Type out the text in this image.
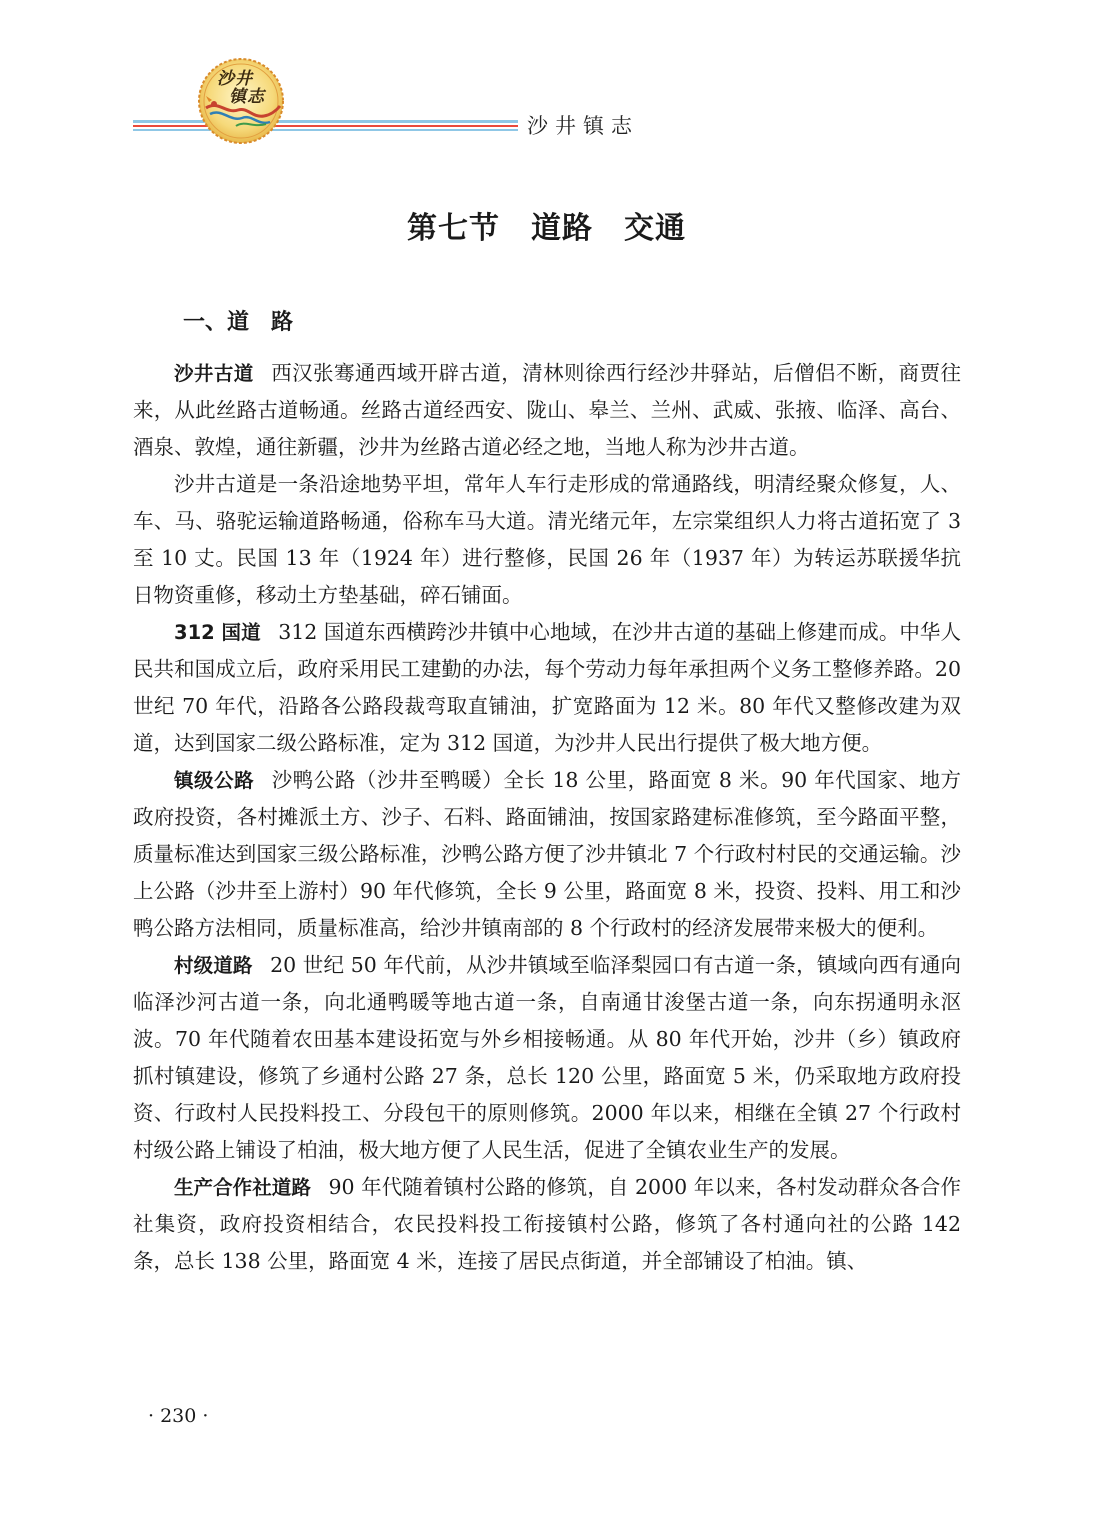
沙井
镇志
沙井镇志
第七节　道路　交通
一、道　路

沙井古道 西汉张骞通西域开辟古道，清林则徐西行经沙井驿站，后僧侣不断，商贾往来，从此丝路古道畅通。丝路古道经西安、陇山、皋兰、兰州、武威、张掖、临泽、高台、酒泉、敦煌，通往新疆，沙井为丝路古道必经之地，当地人称为沙井古道。

沙井古道是一条沿途地势平坦，常年人车行走形成的常通路线，明清经聚众修复，人、车、马、骆驼运输道路畅通，俗称车马大道。清光绪元年，左宗棠组织人力将古道拓宽了 3 至 10 丈。民国 13 年（1924 年）进行整修，民国 26 年（1937 年）为转运苏联援华抗日物资重修，移动土方垫基础，碎石铺面。

312 国道 312 国道东西横跨沙井镇中心地域，在沙井古道的基础上修建而成。中华人民共和国成立后，政府采用民工建勤的办法，每个劳动力每年承担两个义务工整修养路。20 世纪 70 年代，沿路各公路段裁弯取直铺油，扩宽路面为 12 米。80 年代又整修改建为双道，达到国家二级公路标准，定为 312 国道，为沙井人民出行提供了极大地方便。

镇级公路 沙鸭公路（沙井至鸭暖）全长 18 公里，路面宽 8 米。90 年代国家、地方政府投资，各村摊派土方、沙子、石料、路面铺油，按国家路建标准修筑，至今路面平整，质量标准达到国家三级公路标准，沙鸭公路方便了沙井镇北 7 个行政村村民的交通运输。沙上公路（沙井至上游村）90 年代修筑，全长 9 公里，路面宽 8 米，投资、投料、用工和沙鸭公路方法相同，质量标准高，给沙井镇南部的 8 个行政村的经济发展带来极大的便利。

村级道路 20 世纪 50 年代前，从沙井镇域至临泽梨园口有古道一条，镇域向西有通向临泽沙河古道一条，向北通鸭暖等地古道一条，自南通甘浚堡古道一条，向东拐通明永沤波。70 年代随着农田基本建设拓宽与外乡相接畅通。从 80 年代开始，沙井（乡）镇政府抓村镇建设，修筑了乡通村公路 27 条，总长 120 公里，路面宽 5 米，仍采取地方政府投资、行政村人民投料投工、分段包干的原则修筑。2000 年以来，相继在全镇 27 个行政村村级公路上铺设了柏油，极大地方便了人民生活，促进了全镇农业生产的发展。

生产合作社道路 90 年代随着镇村公路的修筑，自 2000 年以来，各村发动群众各合作社集资，政府投资相结合，农民投料投工衔接镇村公路，修筑了各村通向社的公路 142 条，总长 138 公里，路面宽 4 米，连接了居民点街道，并全部铺设了柏油。镇、

· 230 ·
